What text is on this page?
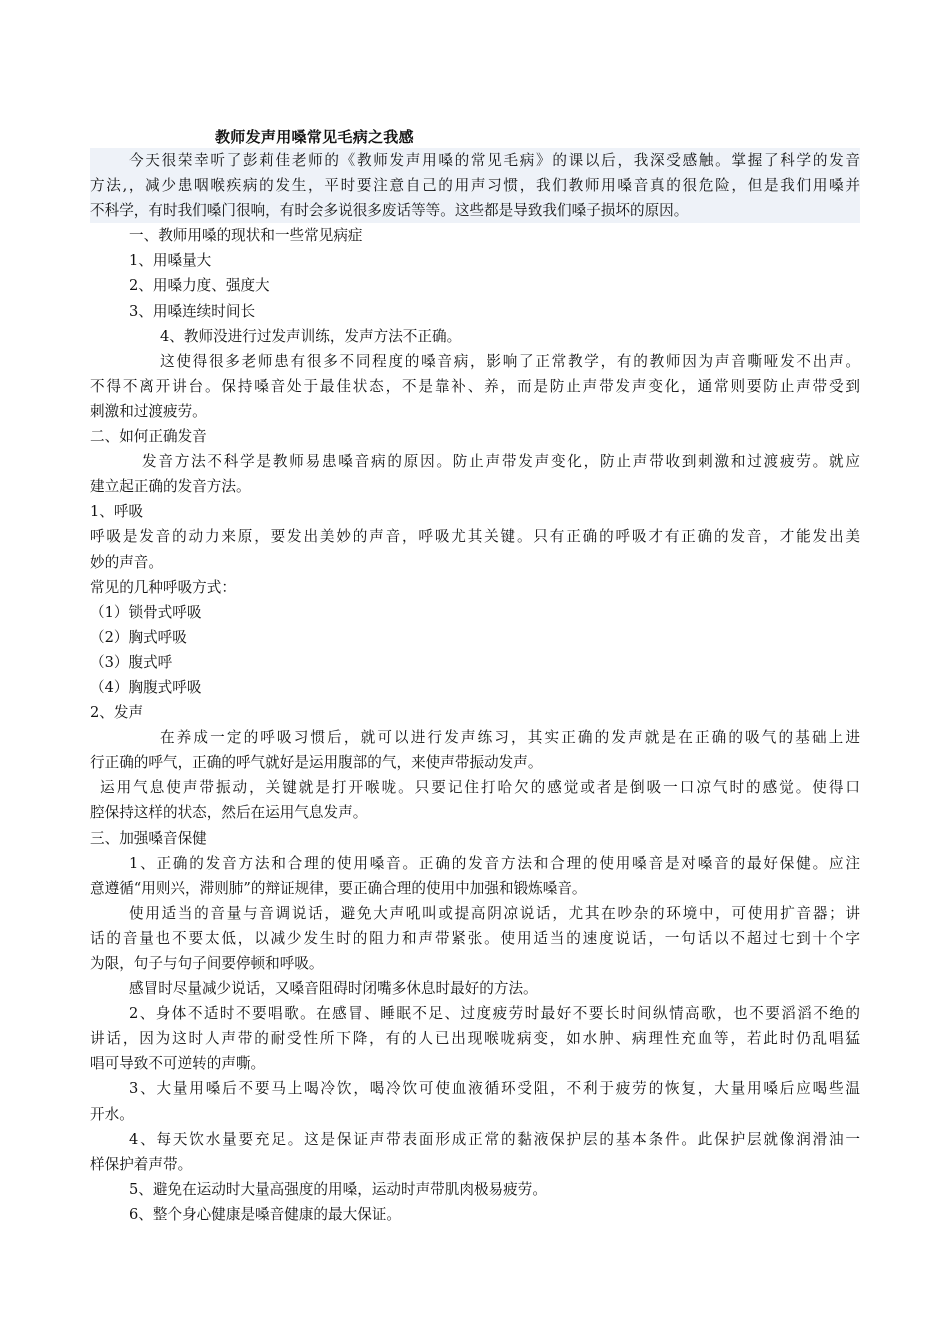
教师发声用嗓常见毛病之我感
今天很荣幸听了彭莉佳老师的《教师发声用嗓的常见毛病》的课以后，我深受感触。掌握了科学的发音
方法,，减少患咽喉疾病的发生，平时要注意自己的用声习惯，我们教师用嗓音真的很危险，但是我们用嗓并
不科学，有时我们嗓门很响，有时会多说很多废话等等。这些都是导致我们嗓子损坏的原因。
一、教师用嗓的现状和一些常见病症
1、用嗓量大
2、用嗓力度、强度大
3、用嗓连续时间长
4、教师没进行过发声训练，发声方法不正确。
这使得很多老师患有很多不同程度的嗓音病，影响了正常教学，有的教师因为声音嘶哑发不出声。
不得不离开讲台。保持嗓音处于最佳状态，不是靠补、养，而是防止声带发声变化，通常则要防止声带受到
刺激和过渡疲劳。
二、如何正确发音
发音方法不科学是教师易患嗓音病的原因。防止声带发声变化，防止声带收到刺激和过渡疲劳。就应
建立起正确的发音方法。
1、呼吸
呼吸是发音的动力来原，要发出美妙的声音，呼吸尤其关键。只有正确的呼吸才有正确的发音，才能发出美
妙的声音。
常见的几种呼吸方式：
（1）锁骨式呼吸
（2）胸式呼吸
（3）腹式呼
（4）胸腹式呼吸
2、发声
在养成一定的呼吸习惯后，就可以进行发声练习，其实正确的发声就是在正确的吸气的基础上进
行正确的呼气，正确的呼气就好是运用腹部的气，来使声带振动发声。
运用气息使声带振动，关键就是打开喉咙。只要记住打哈欠的感觉或者是倒吸一口凉气时的感觉。使得口
腔保持这样的状态，然后在运用气息发声。
三、加强嗓音保健
1、正确的发音方法和合理的使用嗓音。正确的发音方法和合理的使用嗓音是对嗓音的最好保健。应注
意遵循“用则兴，滞则肺”的辩证规律，要正确合理的使用中加强和锻炼嗓音。
使用适当的音量与音调说话，避免大声吼叫或提高阴凉说话，尤其在吵杂的环境中，可使用扩音器；讲
话的音量也不要太低，以减少发生时的阻力和声带紧张。使用适当的速度说话，一句话以不超过七到十个字
为限，句子与句子间要停顿和呼吸。
感冒时尽量减少说话，又嗓音阻碍时闭嘴多休息时最好的方法。
2、身体不适时不要唱歌。在感冒、睡眠不足、过度疲劳时最好不要长时间纵情高歌，也不要滔滔不绝的
讲话，因为这时人声带的耐受性所下降，有的人已出现喉咙病变，如水肿、病理性充血等，若此时仍乱唱猛
唱可导致不可逆转的声嘶。
3、大量用嗓后不要马上喝冷饮，喝冷饮可使血液循环受阻，不利于疲劳的恢复，大量用嗓后应喝些温
开水。
4、每天饮水量要充足。这是保证声带表面形成正常的黏液保护层的基本条件。此保护层就像润滑油一
样保护着声带。
5、避免在运动时大量高强度的用嗓，运动时声带肌肉极易疲劳。
6、整个身心健康是嗓音健康的最大保证。
